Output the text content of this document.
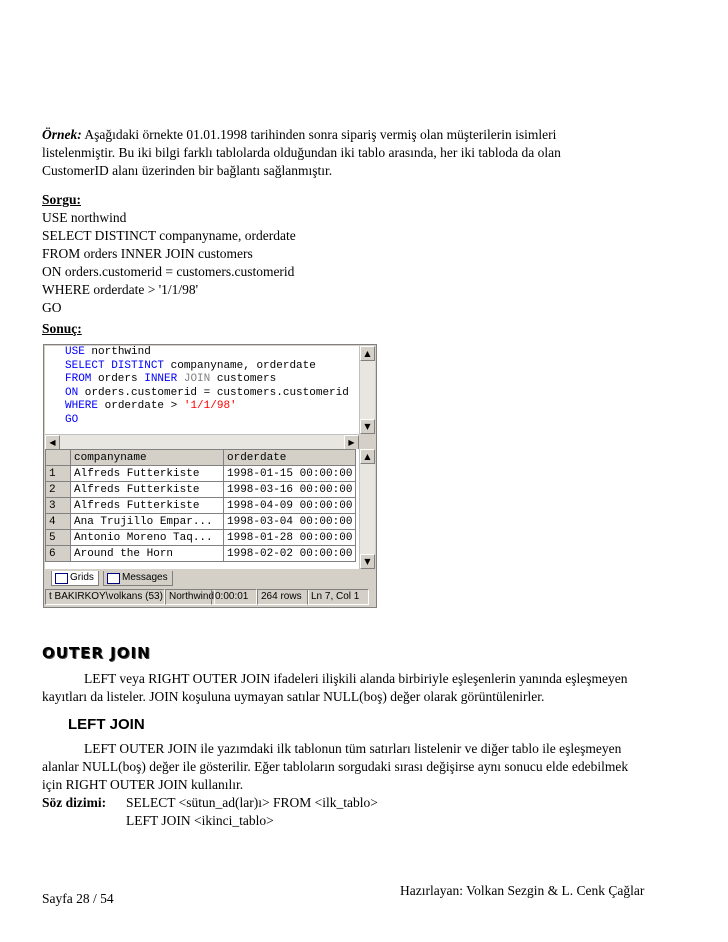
Örnek: Aşağıdaki örnekte 01.01.1998 tarihinden sonra sipariş vermiş olan müşterilerin isimleri
listelenmiştir. Bu iki bilgi farklı tablolarda olduğundan iki tablo arasında, her iki tabloda da olan
CustomerID alanı üzerinden bir bağlantı sağlanmıştır.
Sorgu:
USE northwind
SELECT DISTINCT companyname, orderdate
FROM orders INNER JOIN customers
ON orders.customerid = customers.customerid
WHERE orderdate > '1/1/98'
GO
Sonuç:
USE northwind
SELECT DISTINCT companyname, orderdate
FROM orders INNER JOIN customers
ON orders.customerid = customers.customerid
WHERE orderdate > '1/1/98'
GO
▲
▼
◀	▶
	companyname	orderdate
1	Alfreds Futterkiste	1998-01-15 00:00:00
2	Alfreds Futterkiste	1998-03-16 00:00:00
3	Alfreds Futterkiste	1998-04-09 00:00:00
4	Ana Trujillo Empar...	1998-03-04 00:00:00
5	Antonio Moreno Taq...	1998-01-28 00:00:00
6	Around the Horn	1998-02-02 00:00:00
▲
▼
Grids	Messages
t BAKIRKOY\volkans (53) Northwind 0:00:01	264 rows Ln 7, Col 1
OUTER JOIN
LEFT veya RIGHT OUTER JOIN ifadeleri ilişkili alanda birbiriyle eşleşenlerin yanında eşleşmeyen
kayıtları da listeler. JOIN koşuluna uymayan satılar NULL(boş) değer olarak görüntülenirler.
LEFT JOIN
LEFT OUTER JOIN ile yazımdaki ilk tablonun tüm satırları listelenir ve diğer tablo ile eşleşmeyen
alanlar NULL(boş) değer ile gösterilir. Eğer tabloların sorgudaki sırası değişirse aynı sonucu elde edebilmek
için RIGHT OUTER JOIN kullanılır.
Söz dizimi: SELECT <sütun_ad(lar)ı> FROM <ilk_tablo>
LEFT JOIN <ikinci_tablo>
Sayfa 28 / 54
Hazırlayan: Volkan Sezgin & L. Cenk Çağlar
